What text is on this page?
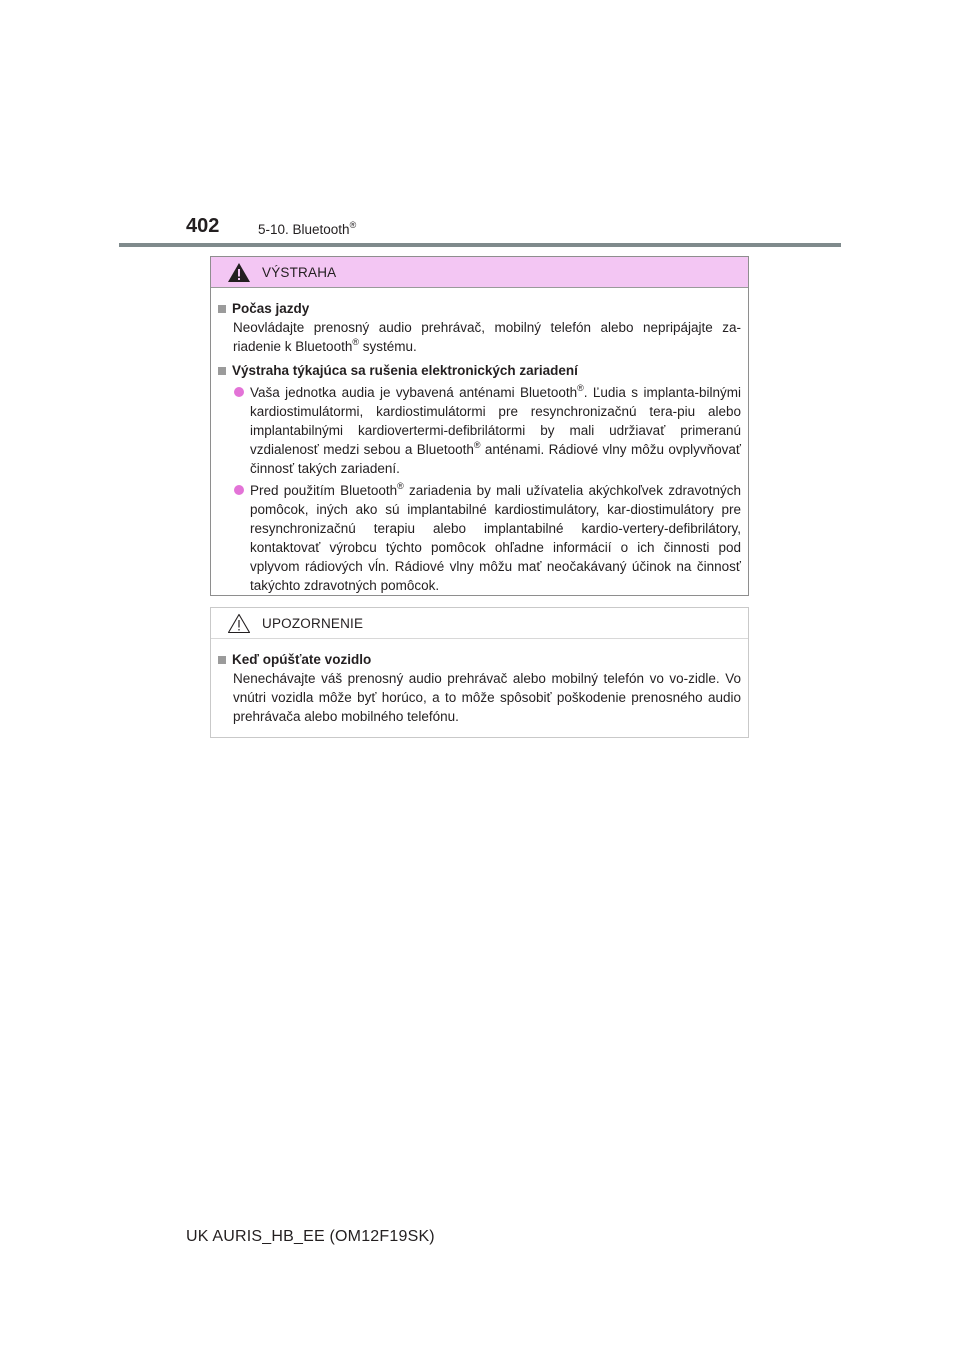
402	5-10. Bluetooth®
VÝSTRAHA
Počas jazdy

Neovládajte prenosný audio prehrávač, mobilný telefón alebo nepripájajte za-riadenie k Bluetooth® systému.

Výstraha týkajúca sa rušenia elektronických zariadení

Vaša jednotka audia je vybavená anténami Bluetooth®. Ľudia s implanta-bilnými kardiostimulátormi, kardiostimulátormi pre resynchronizačnú tera-piu alebo implantabilnými kardiovertermi-defibrilátormi by mali udržiavať primeranú vzdialenosť medzi sebou a Bluetooth® anténami. Rádiové vlny môžu ovplyvňovať činnosť takých zariadení.

Pred použitím Bluetooth® zariadenia by mali užívatelia akýchkoľvek zdravotných pomôcok, iných ako sú implantabilné kardiostimulátory, kar-diostimulátory pre resynchronizačnú terapiu alebo implantabilné kardio-vertery-defibrilátory, kontaktovať výrobcu týchto pomôcok ohľadne informácií o ich činnosti pod vplyvom rádiových vĺn. Rádiové vlny môžu mať neočakávaný účinok na činnosť takýchto zdravotných pomôcok.

UPOZORNENIE
Keď opúšťate vozidlo

Nenechávajte váš prenosný audio prehrávač alebo mobilný telefón vo vo-zidle. Vo vnútri vozidla môže byť horúco, a to môže spôsobiť poškodenie prenosného audio prehrávača alebo mobilného telefónu.

UK AURIS_HB_EE (OM12F19SK)
